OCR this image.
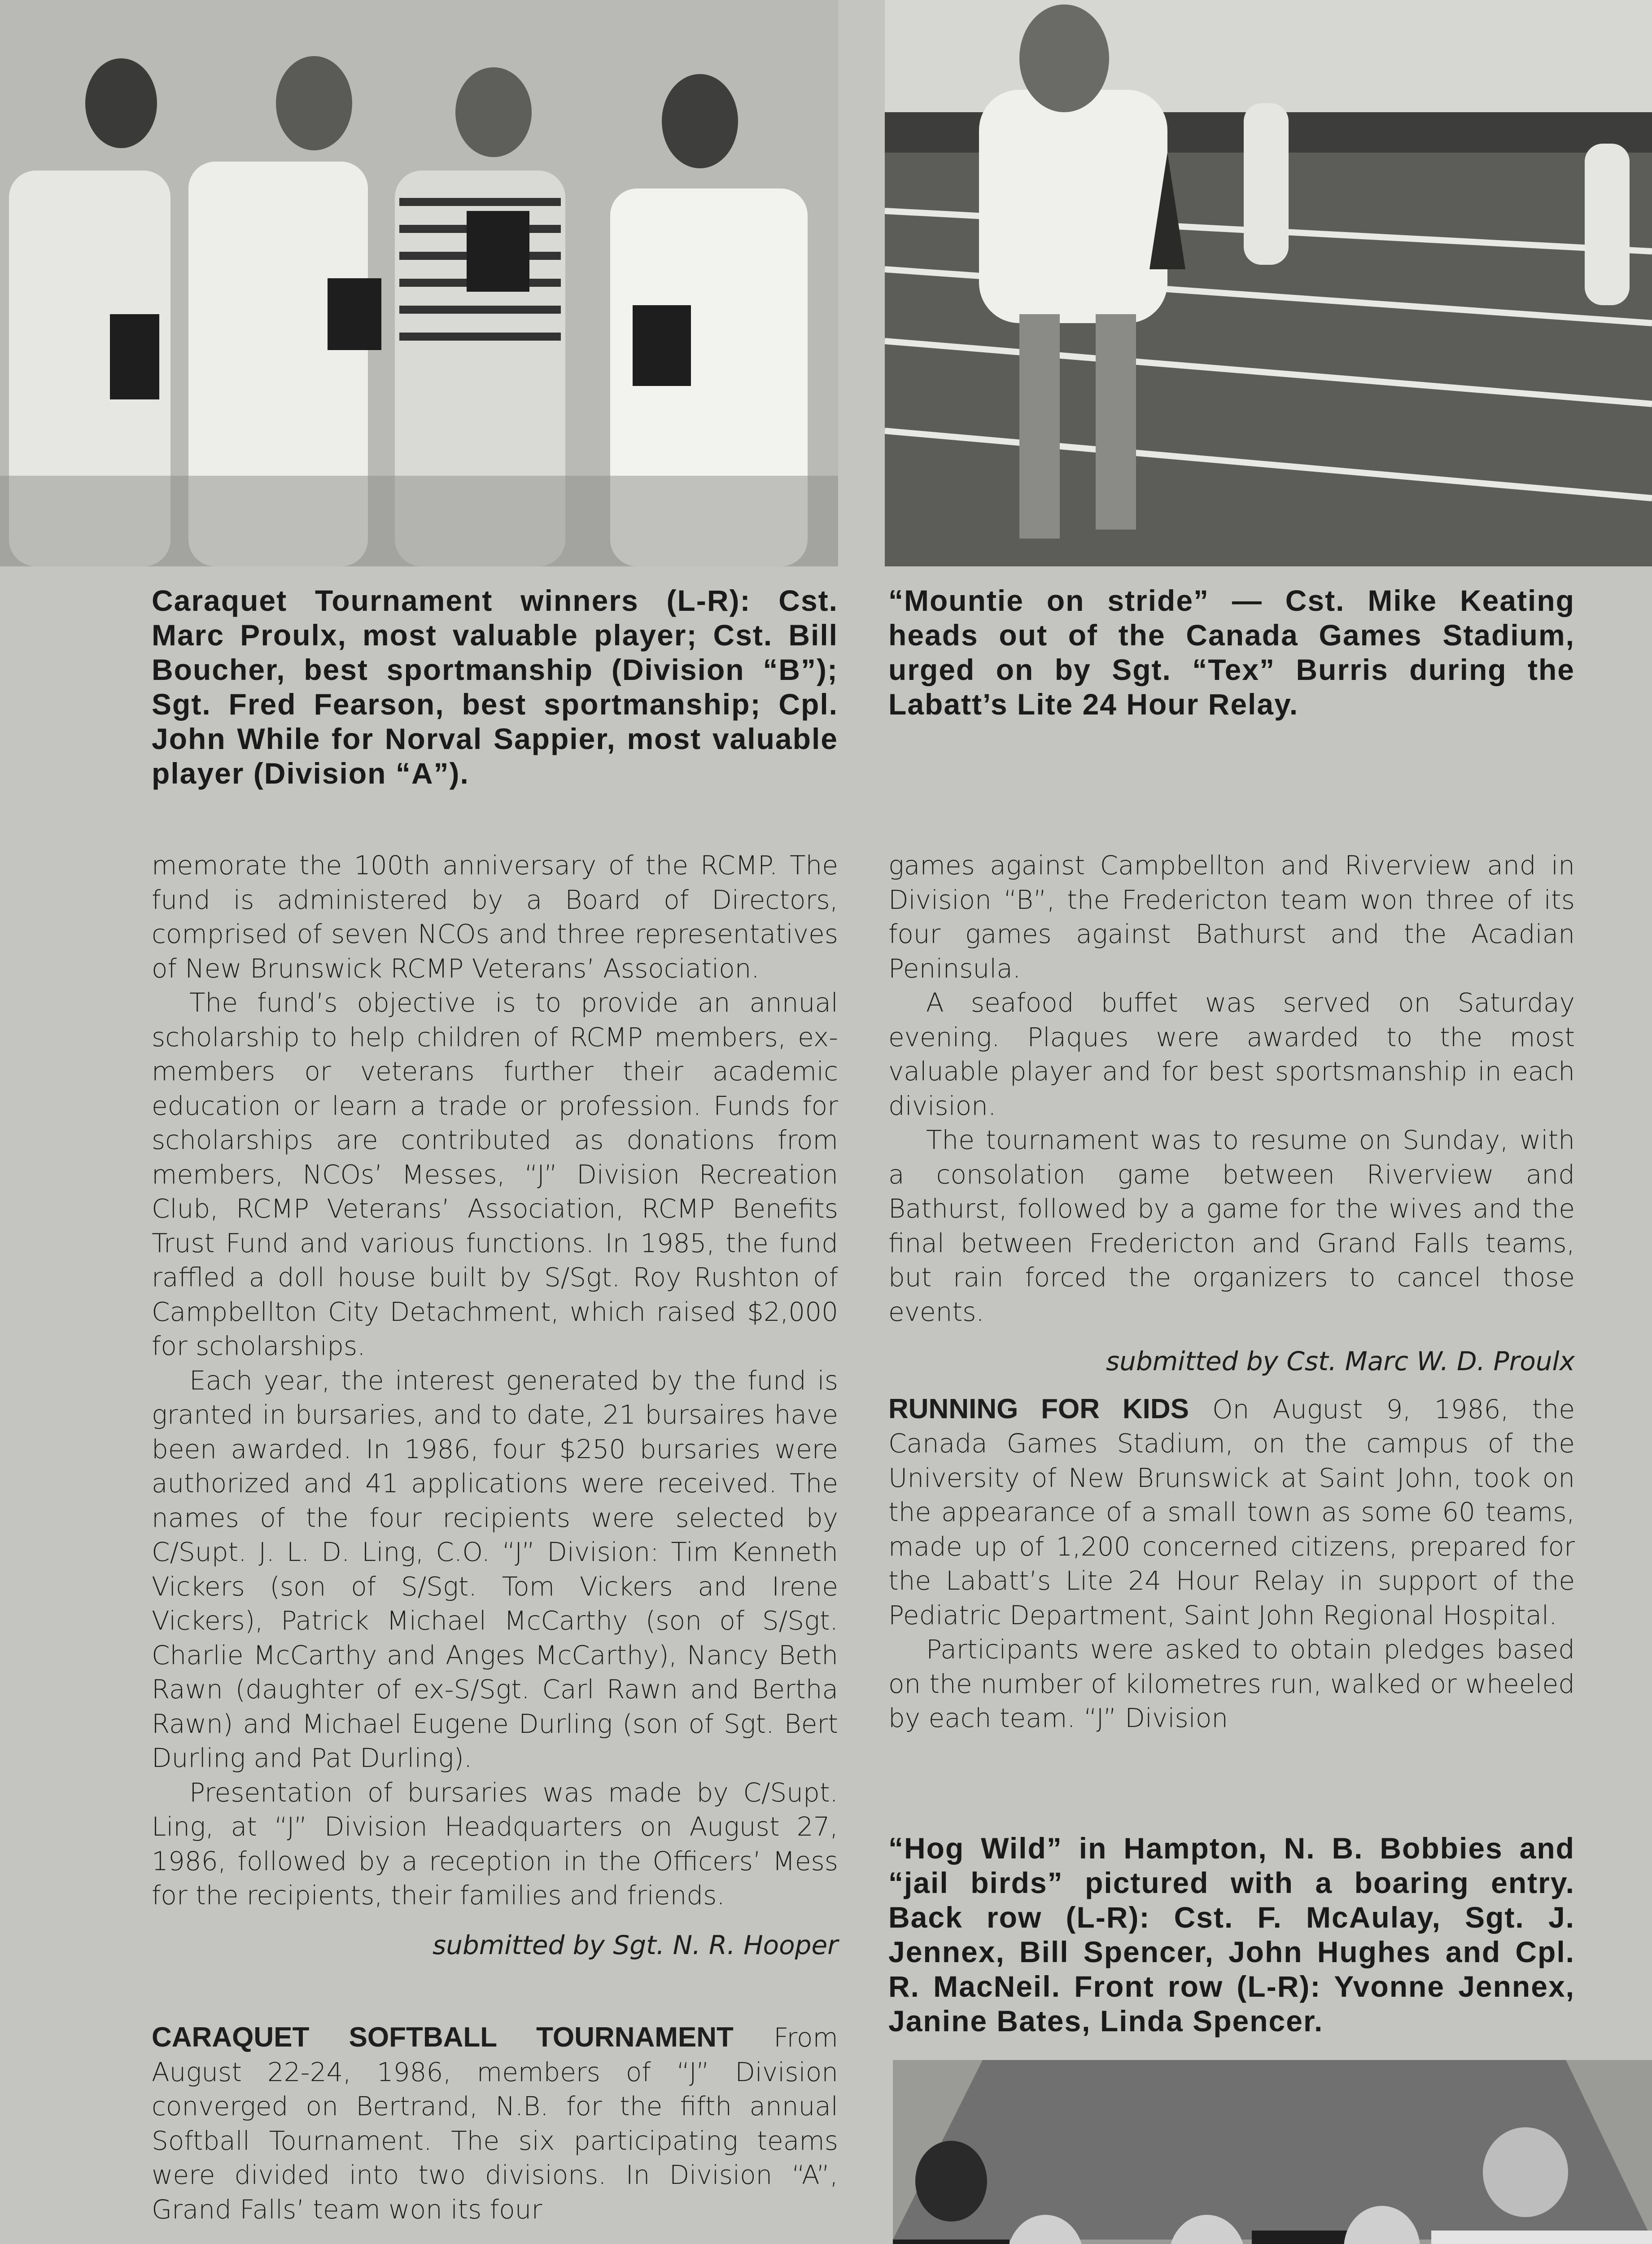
Caraquet Tournament winners (L-R): Cst. Marc Proulx, most valuable player; Cst. Bill Boucher, best sportmanship (Division “B”); Sgt. Fred Fearson, best sportmanship; Cpl. John While for Norval Sappier, most valuable player (Division “A”).

“Mountie on stride” — Cst. Mike Keating heads out of the Canada Games Stadium, urged on by Sgt. “Tex” Burris during the Labatt’s Lite 24 Hour Relay.

memorate the 100th anniversary of the RCMP. The fund is administered by a Board of Directors, comprised of seven NCOs and three representatives of New Brunswick RCMP Veterans’ Association.

The fund’s objective is to provide an annual scholarship to help children of RCMP members, ex-members or veterans further their academic education or learn a trade or profession. Funds for scholarships are contributed as donations from members, NCOs’ Messes, “J” Division Recreation Club, RCMP Veterans’ Association, RCMP Benefits Trust Fund and various functions. In 1985, the fund raffled a doll house built by S/Sgt. Roy Rushton of Campbellton City Detachment, which raised $2,000 for scholarships.

Each year, the interest generated by the fund is granted in bursaries, and to date, 21 bursaires have been awarded. In 1986, four $250 bursaries were authorized and 41 applications were received. The names of the four recipients were selected by C/Supt. J. L. D. Ling, C.O. “J” Division: Tim Kenneth Vickers (son of S/Sgt. Tom Vickers and Irene Vickers), Patrick Michael McCarthy (son of S/Sgt. Charlie McCarthy and Anges McCarthy), Nancy Beth Rawn (daughter of ex-S/Sgt. Carl Rawn and Bertha Rawn) and Michael Eugene Durling (son of Sgt. Bert Durling and Pat Durling).

Presentation of bursaries was made by C/Supt. Ling, at “J” Division Headquarters on August 27, 1986, followed by a reception in the Officers’ Mess for the recipients, their families and friends.

submitted by Sgt. N. R. Hooper

CARAQUET SOFTBALL TOURNAMENT From August 22-24, 1986, members of “J” Division converged on Bertrand, N.B. for the fifth annual Softball Tournament. The six participating teams were divided into two divisions. In Division “A”, Grand Falls’ team won its four

games against Campbellton and Riverview and in Division “B”, the Fredericton team won three of its four games against Bathurst and the Acadian Peninsula.

A seafood buffet was served on Saturday evening. Plaques were awarded to the most valuable player and for best sportsmanship in each division.

The tournament was to resume on Sunday, with a consolation game between Riverview and Bathurst, followed by a game for the wives and the final between Fredericton and Grand Falls teams, but rain forced the organizers to cancel those events.

submitted by Cst. Marc W. D. Proulx

RUNNING FOR KIDS On August 9, 1986, the Canada Games Stadium, on the campus of the University of New Brunswick at Saint John, took on the appearance of a small town as some 60 teams, made up of 1,200 concerned citizens, prepared for the Labatt’s Lite 24 Hour Relay in support of the Pediatric Department, Saint John Regional Hospital.

Participants were asked to obtain pledges based on the number of kilometres run, walked or wheeled by each team. “J” Division

“Hog Wild” in Hampton, N. B. Bobbies and “jail birds” pictured with a boaring entry. Back row (L-R): Cst. F. McAulay, Sgt. J. Jennex, Bill Spencer, John Hughes and Cpl. R. MacNeil. Front row (L-R): Yvonne Jennex, Janine Bates, Linda Spencer.
